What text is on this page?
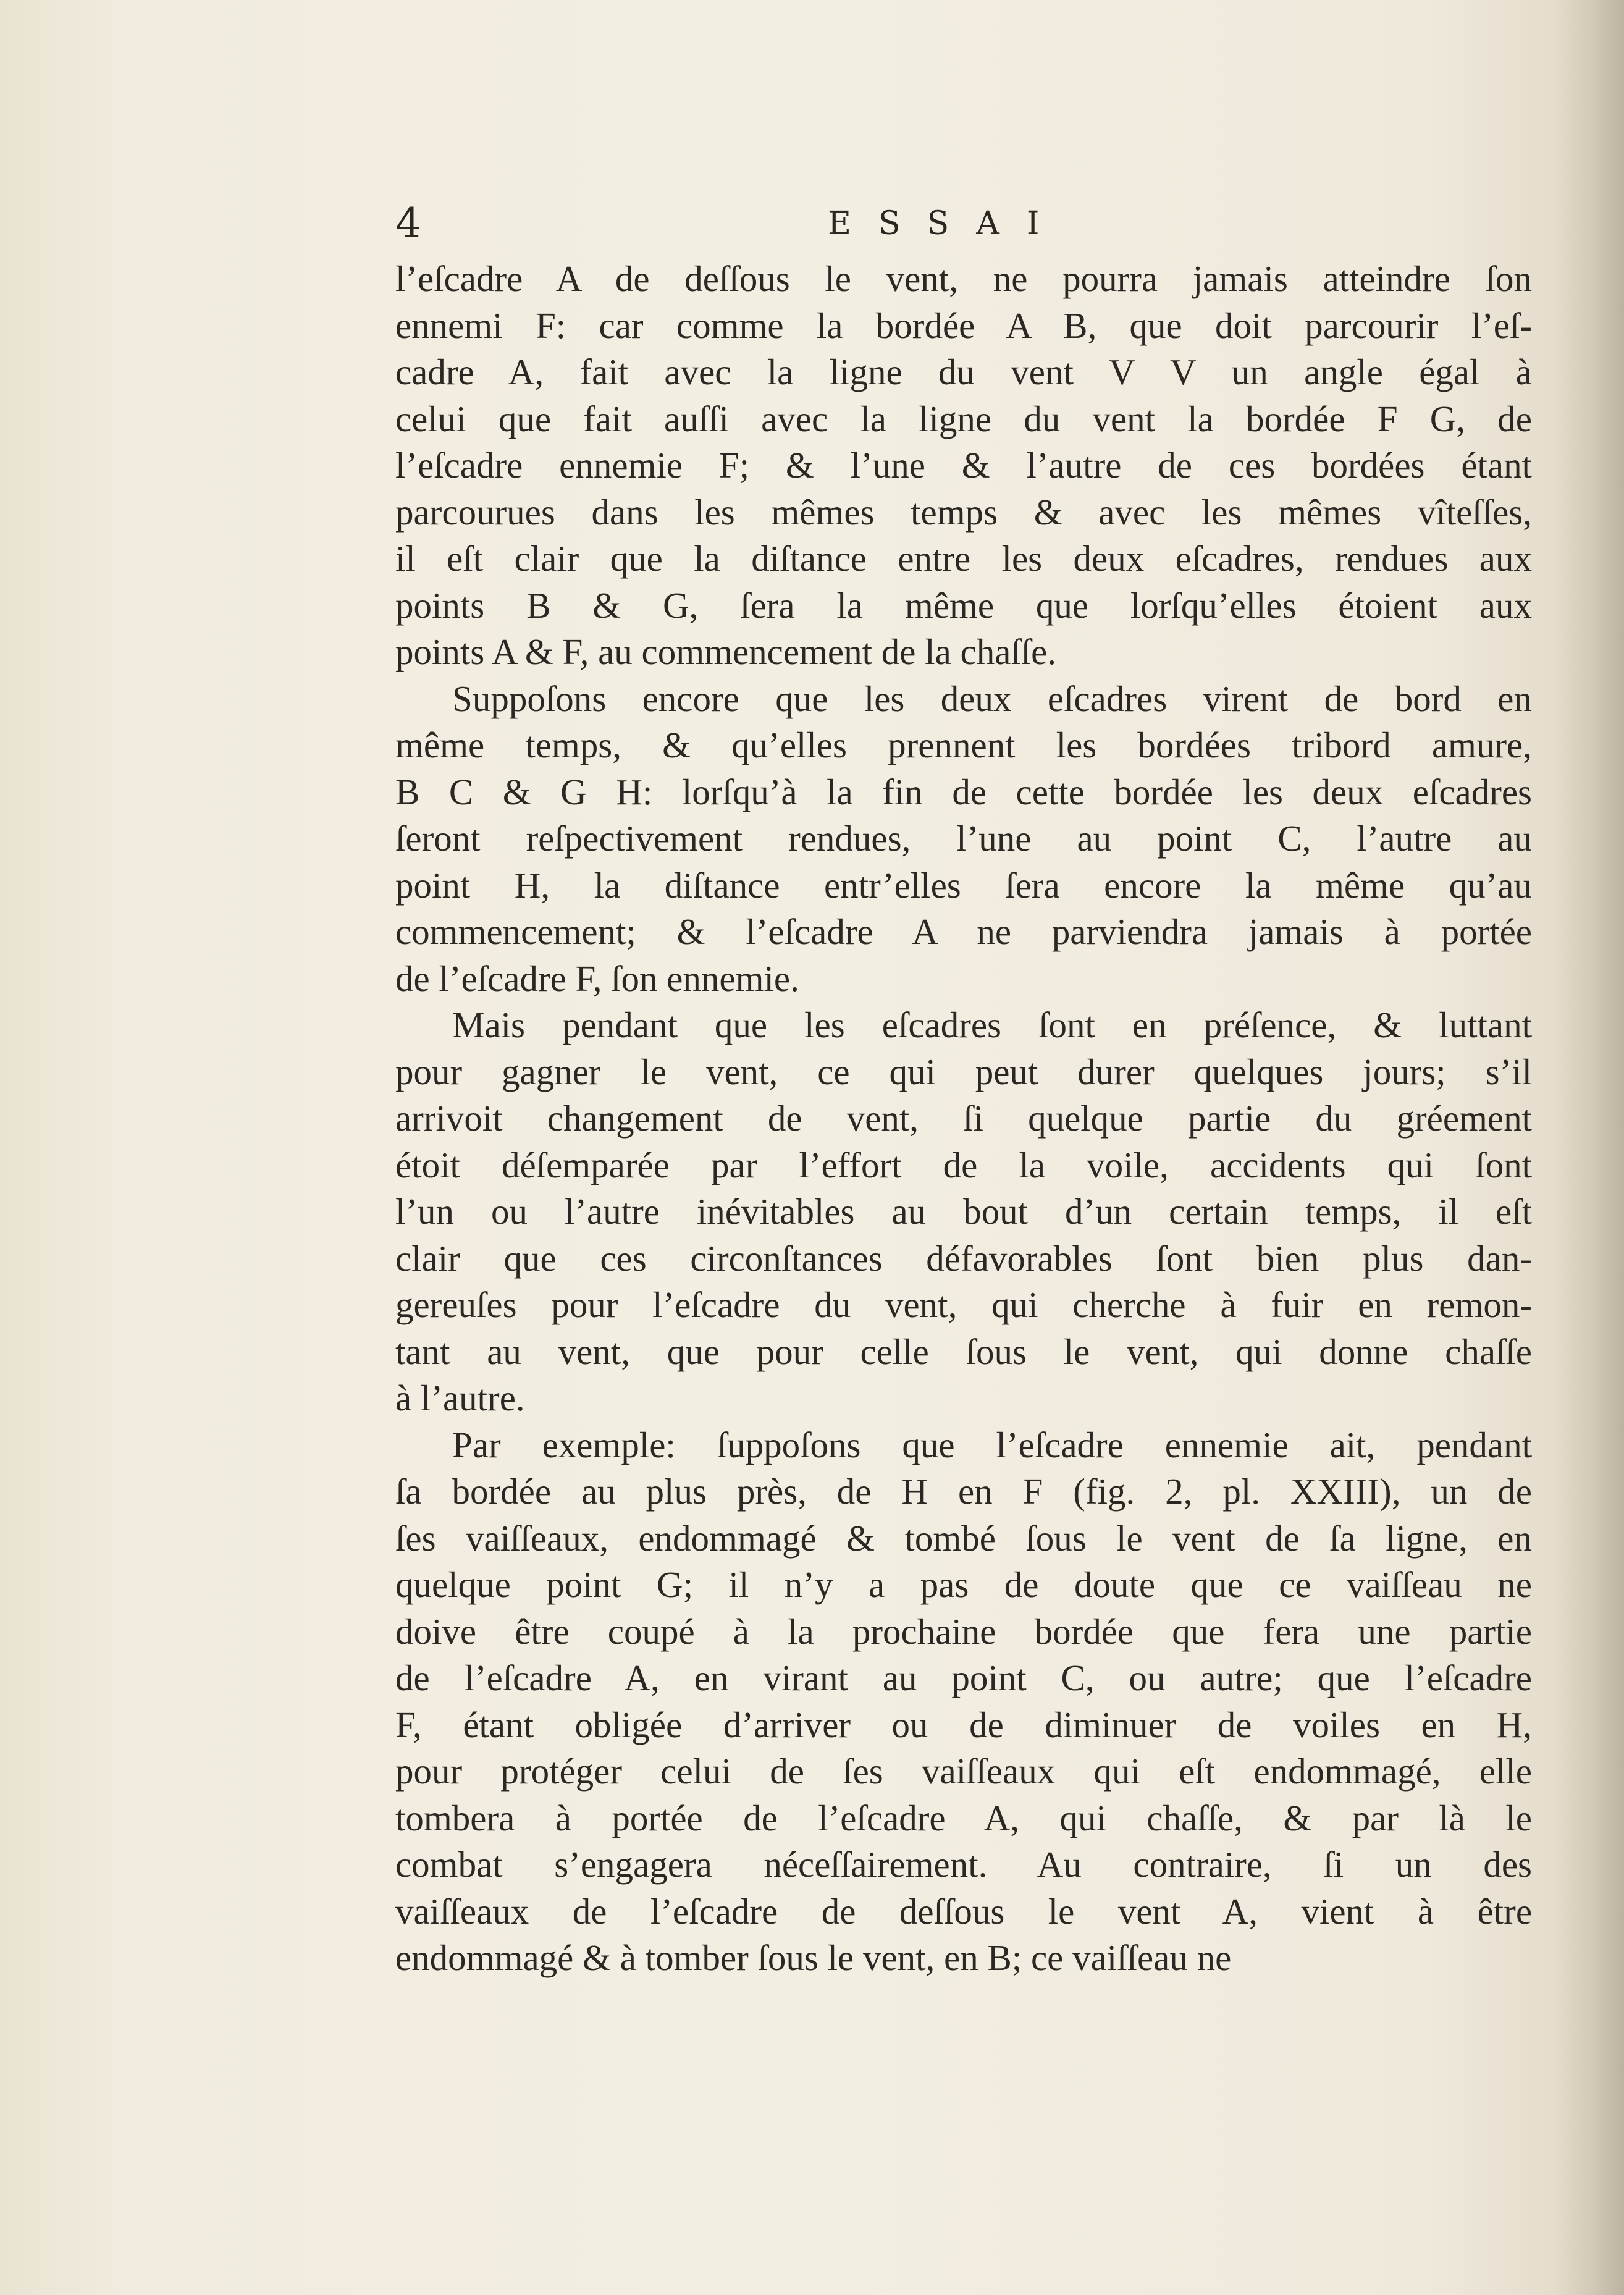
4	ESSAI

l’eſcadre A de deſſous le vent, ne pourra jamais atteindre ſon
ennemi F: car comme la bordée A B, que doit parcourir l’eſ-
cadre A, fait avec la ligne du vent V V un angle égal à
celui que fait auſſi avec la ligne du vent la bordée F G, de
l’eſcadre ennemie F; & l’une & l’autre de ces bordées étant
parcourues dans les mêmes temps & avec les mêmes vîteſſes,
il eſt clair que la diſtance entre les deux eſcadres, rendues aux
points B & G, ſera la même que lorſqu’elles étoient aux
points A & F, au commencement de la chaſſe.

Suppoſons encore que les deux eſcadres virent de bord en
même temps, & qu’elles prennent les bordées tribord amure,
B C & G H: lorſqu’à la fin de cette bordée les deux eſcadres
ſeront reſpectivement rendues, l’une au point C, l’autre au
point H, la diſtance entr’elles ſera encore la même qu’au
commencement; & l’eſcadre A ne parviendra jamais à portée
de l’eſcadre F, ſon ennemie.

Mais pendant que les eſcadres ſont en préſence, & luttant
pour gagner le vent, ce qui peut durer quelques jours; s’il
arrivoit changement de vent, ſi quelque partie du gréement
étoit déſemparée par l’effort de la voile, accidents qui ſont
l’un ou l’autre inévitables au bout d’un certain temps, il eſt
clair que ces circonſtances défavorables ſont bien plus dan-
gereuſes pour l’eſcadre du vent, qui cherche à fuir en remon-
tant au vent, que pour celle ſous le vent, qui donne chaſſe
à l’autre.

Par exemple: ſuppoſons que l’eſcadre ennemie ait, pendant
ſa bordée au plus près, de H en F (fig. 2, pl. XXIII), un de
ſes vaiſſeaux, endommagé & tombé ſous le vent de ſa ligne, en
quelque point G; il n’y a pas de doute que ce vaiſſeau ne
doive être coupé à la prochaine bordée que fera une partie
de l’eſcadre A, en virant au point C, ou autre; que l’eſcadre
F, étant obligée d’arriver ou de diminuer de voiles en H,
pour protéger celui de ſes vaiſſeaux qui eſt endommagé, elle
tombera à portée de l’eſcadre A, qui chaſſe, & par là le
combat s’engagera néceſſairement. Au contraire, ſi un des
vaiſſeaux de l’eſcadre de deſſous le vent A, vient à être
endommagé & à tomber ſous le vent, en B; ce vaiſſeau ne
